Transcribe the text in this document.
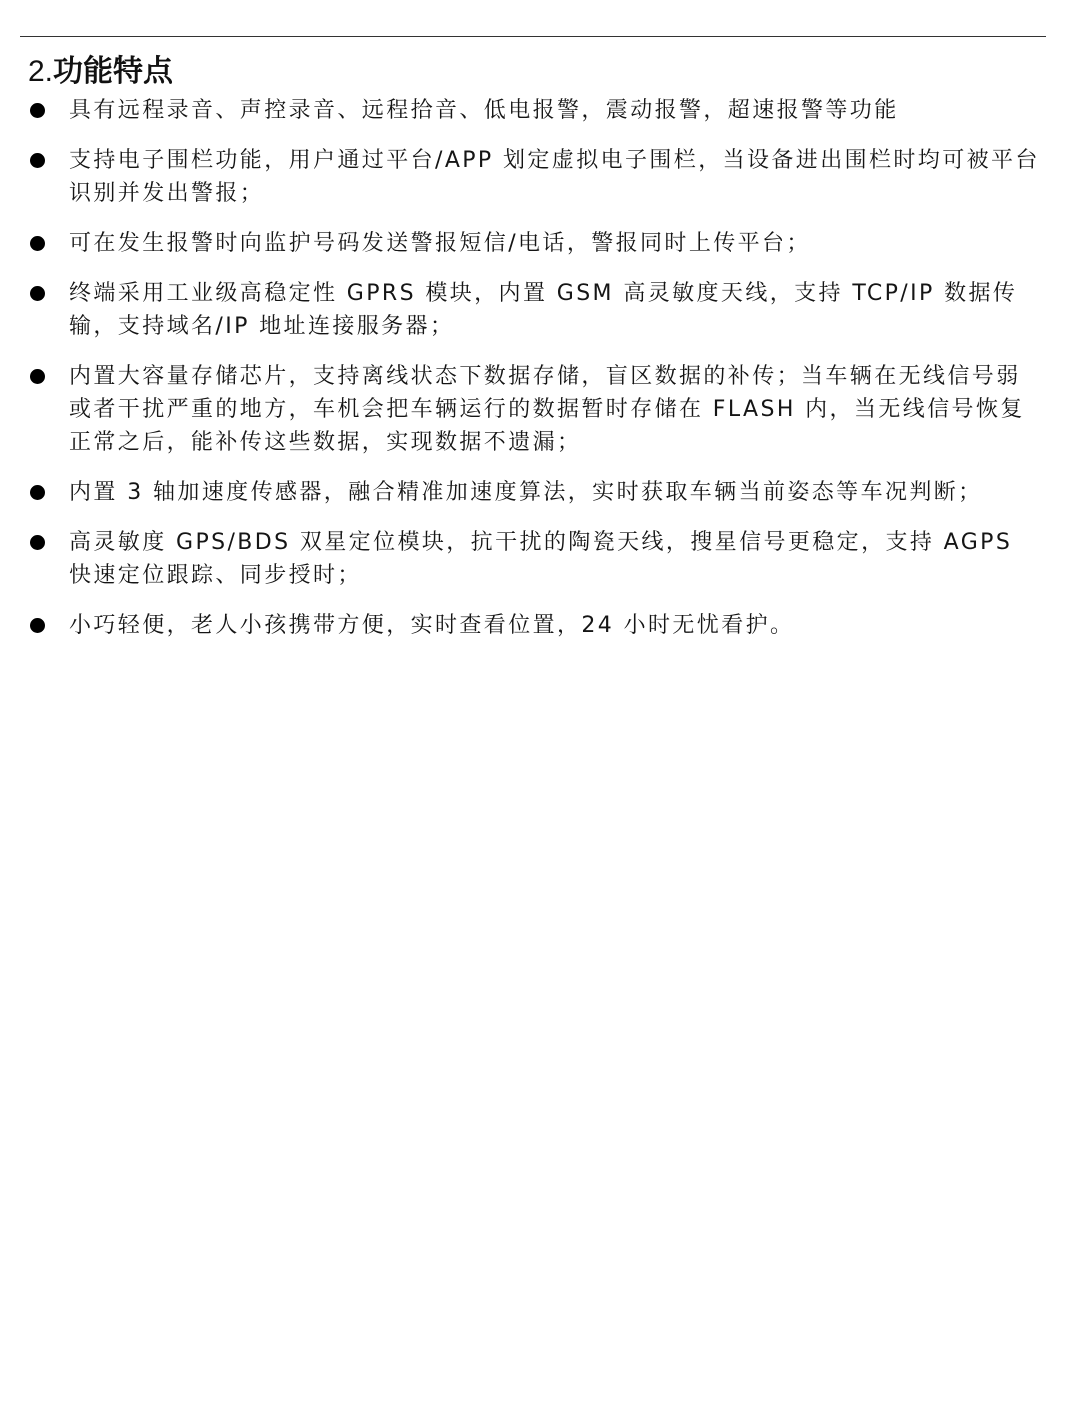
2.功能特点
具有远程录音、声控录音、远程拾音、低电报警，震动报警，超速报警等功能
支持电子围栏功能，用户通过平台/APP 划定虚拟电子围栏，当设备进出围栏时均可被平台识别并发出警报；
可在发生报警时向监护号码发送警报短信/电话，警报同时上传平台；
终端采用工业级高稳定性 GPRS 模块，内置 GSM 高灵敏度天线，支持 TCP/IP 数据传输，支持域名/IP 地址连接服务器；
内置大容量存储芯片，支持离线状态下数据存储，盲区数据的补传；当车辆在无线信号弱或者干扰严重的地方，车机会把车辆运行的数据暂时存储在 FLASH 内，当无线信号恢复正常之后，能补传这些数据，实现数据不遗漏；
内置 3 轴加速度传感器，融合精准加速度算法，实时获取车辆当前姿态等车况判断；
高灵敏度 GPS/BDS 双星定位模块，抗干扰的陶瓷天线，搜星信号更稳定，支持 AGPS 快速定位跟踪、同步授时；
小巧轻便，老人小孩携带方便，实时查看位置，24 小时无忧看护。
